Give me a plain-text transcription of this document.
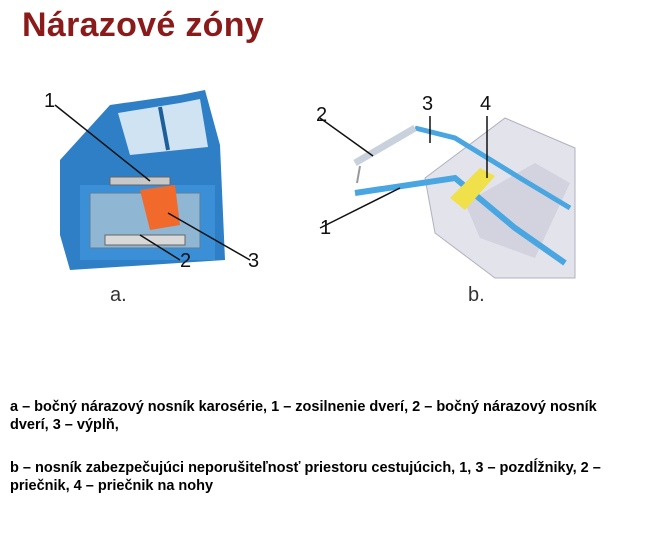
Nárazové zóny
1
2	3
a.
1
2	3 4
b.
a – bočný nárazový nosník karosérie, 1 – zosilnenie dverí, 2 – bočný nárazový nosník dverí, 3 – výplň,
b – nosník zabezpečujúci neporušiteľnosť priestoru cestujúcich, 1, 3 – pozdĺžniky, 2 – priečnik, 4 – priečnik na nohy
